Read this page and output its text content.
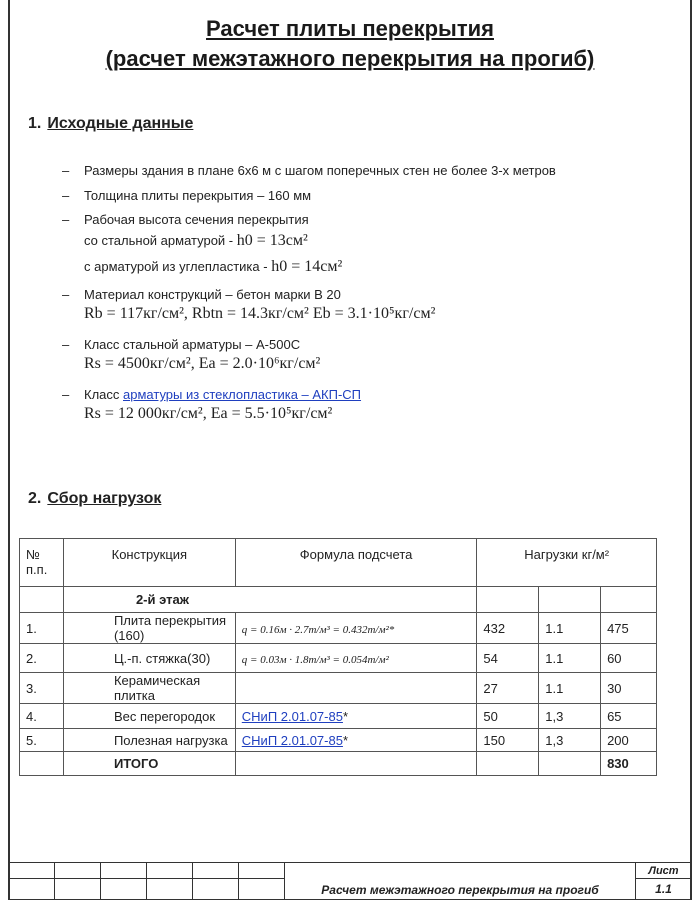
Расчет плиты перекрытия
(расчет межэтажного перекрытия на прогиб)
1. Исходные данные
– Размеры здания в плане 6х6 м с шагом поперечных стен не более 3-х метров
– Толщина плиты перекрытия – 160 мм
– Рабочая высота сечения перекрытия
со стальной арматурой - h0 = 13см²
с арматурой из углепластика - h0 = 14см²
– Материал конструкций – бетон марки В 20
Rb = 117кг/см², Rbtn = 14.3кг/см² Eb = 3.1·10⁵кг/см²
– Класс стальной арматуры – А-500С
Rs = 4500кг/см², Ea = 2.0·10⁶кг/см²
– Класс арматуры из стеклопластика – АКП-СП
Rs = 12 000кг/см², Ea = 5.5·10⁵кг/см²
2. Сбор нагрузок
№ п.п.	Конструкция	Формула подсчета	Нагрузки кг/м²		
	2-й этаж				
1.	Плита перекрытия (160)	q = 0.16м · 2.7т/м³ = 0.432т/м²*	432	1.1	475
2.	Ц.-п. стяжка(30)	q = 0.03м · 1.8т/м³ = 0.054т/м²	54	1.1	60
3.	Керамическая плитка		27	1.1	30
4.	Вес перегородок	СНиП 2.01.07-85*	50	1,3	65
5.	Полезная нагрузка	СНиП 2.01.07-85*	150	1,3	200
	ИТОГО				830
						Расчет межэтажного перекрытия на прогиб	Лист
							1.1
